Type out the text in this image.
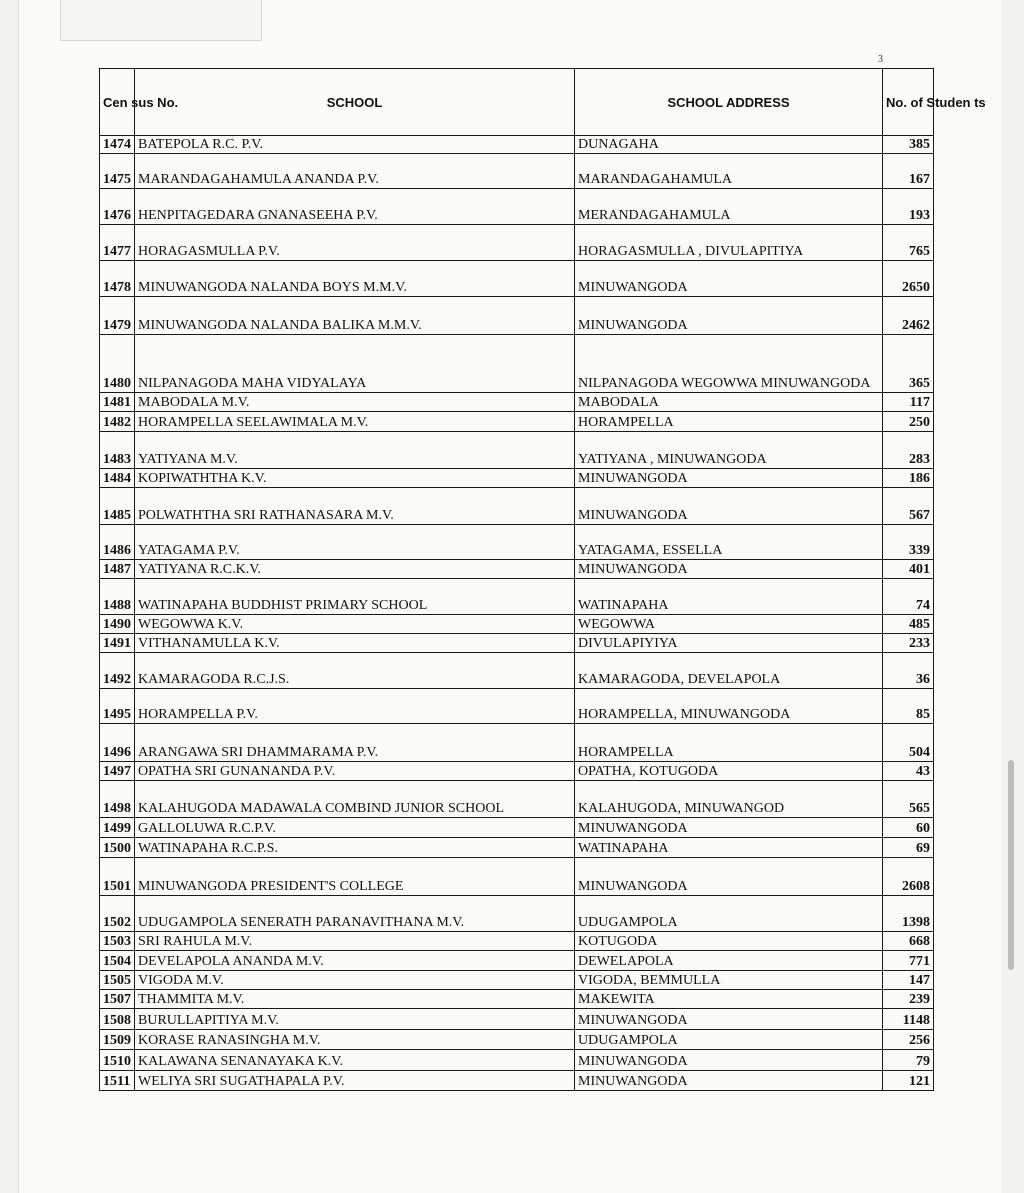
3
Cen sus No.	SCHOOL	SCHOOL ADDRESS	No. of Studen ts
1474	BATEPOLA R.C. P.V.	DUNAGAHA	385
1475	MARANDAGAHAMULA ANANDA P.V.	MARANDAGAHAMULA	167
1476	HENPITAGEDARA GNANASEEHA P.V.	MERANDAGAHAMULA	193
1477	HORAGASMULLA P.V.	HORAGASMULLA , DIVULAPITIYA	765
1478	MINUWANGODA NALANDA BOYS M.M.V.	MINUWANGODA	2650
1479	MINUWANGODA NALANDA BALIKA M.M.V.	MINUWANGODA	2462
1480	NILPANAGODA MAHA VIDYALAYA	NILPANAGODA WEGOWWA MINUWANGODA	365
1481	MABODALA M.V.	MABODALA	117
1482	HORAMPELLA SEELAWIMALA M.V.	HORAMPELLA	250
1483	YATIYANA M.V.	YATIYANA , MINUWANGODA	283
1484	KOPIWATHTHA K.V.	MINUWANGODA	186
1485	POLWATHTHA SRI RATHANASARA M.V.	MINUWANGODA	567
1486	YATAGAMA P.V.	YATAGAMA, ESSELLA	339
1487	YATIYANA R.C.K.V.	MINUWANGODA	401
1488	WATINAPAHA BUDDHIST PRIMARY SCHOOL	WATINAPAHA	74
1490	WEGOWWA K.V.	WEGOWWA	485
1491	VITHANAMULLA K.V.	DIVULAPIYIYA	233
1492	KAMARAGODA R.C.J.S.	KAMARAGODA, DEVELAPOLA	36
1495	HORAMPELLA P.V.	HORAMPELLA, MINUWANGODA	85
1496	ARANGAWA SRI DHAMMARAMA P.V.	HORAMPELLA	504
1497	OPATHA SRI GUNANANDA P.V.	OPATHA, KOTUGODA	43
1498	KALAHUGODA MADAWALA COMBIND JUNIOR SCHOOL	KALAHUGODA, MINUWANGOD	565
1499	GALLOLUWA R.C.P.V.	MINUWANGODA	60
1500	WATINAPAHA R.C.P.S.	WATINAPAHA	69
1501	MINUWANGODA PRESIDENT'S COLLEGE	MINUWANGODA	2608
1502	UDUGAMPOLA SENERATH PARANAVITHANA M.V.	UDUGAMPOLA	1398
1503	SRI RAHULA M.V.	KOTUGODA	668
1504	DEVELAPOLA ANANDA M.V.	DEWELAPOLA	771
1505	VIGODA M.V.	VIGODA, BEMMULLA	147
1507	THAMMITA M.V.	MAKEWITA	239
1508	BURULLAPITIYA M.V.	MINUWANGODA	1148
1509	KORASE RANASINGHA M.V.	UDUGAMPOLA	256
1510	KALAWANA SENANAYAKA K.V.	MINUWANGODA	79
1511	WELIYA SRI SUGATHAPALA P.V.	MINUWANGODA	121
